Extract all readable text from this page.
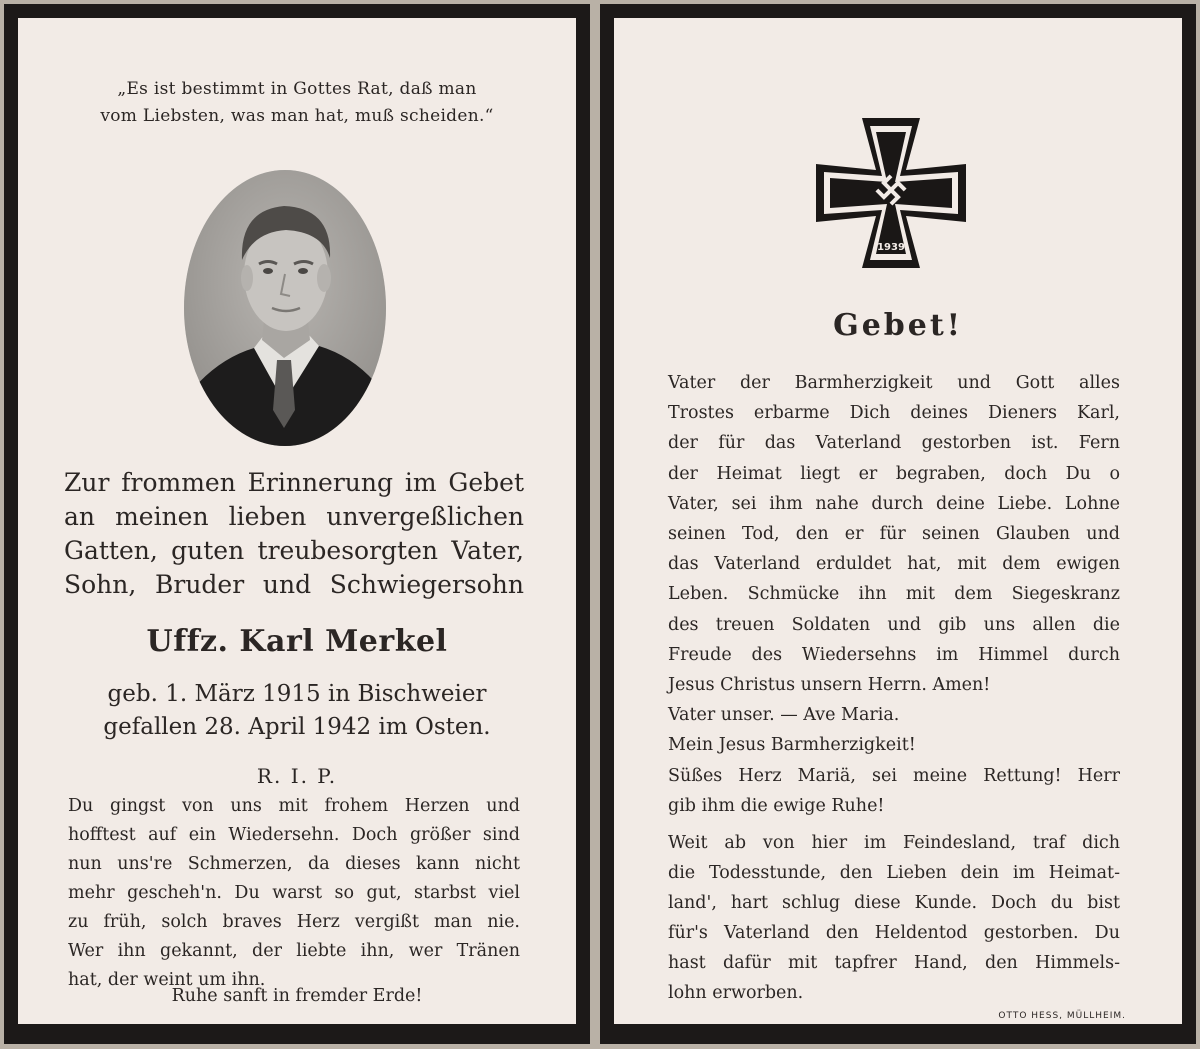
„Es ist bestimmt in Gottes Rat, daß man
vom Liebsten, was man hat, muß scheiden.“
Zur frommen Erinnerung im Gebet
an meinen lieben unvergeßlichen
Gatten, guten treubesorgten Vater,
Sohn, Bruder und Schwiegersohn
Uffz. Karl Merkel
geb. 1. März 1915 in Bischweier
gefallen 28. April 1942 im Osten.
R. I. P.
Du gingst von uns mit frohem Herzen und
hofftest auf ein Wiedersehn. Doch größer sind
nun uns're Schmerzen, da dieses kann nicht
mehr gescheh'n. Du warst so gut, starbst viel
zu früh, solch braves Herz vergißt man nie.
Wer ihn gekannt, der liebte ihn, wer Tränen
hat, der weint um ihn.
Ruhe sanft in fremder Erde!
1939
Gebet!
Vater der Barmherzigkeit und Gott alles
Trostes erbarme Dich deines Dieners Karl,
der für das Vaterland gestorben ist. Fern
der Heimat liegt er begraben, doch Du o
Vater, sei ihm nahe durch deine Liebe. Lohne
seinen Tod, den er für seinen Glauben und
das Vaterland erduldet hat, mit dem ewigen
Leben. Schmücke ihn mit dem Siegeskranz
des treuen Soldaten und gib uns allen die
Freude des Wiedersehns im Himmel durch
Jesus Christus unsern Herrn. Amen!
Vater unser. — Ave Maria.
Mein Jesus Barmherzigkeit!
Süßes Herz Mariä, sei meine Rettung! Herr
gib ihm die ewige Ruhe!
Weit ab von hier im Feindesland, traf dich
die Todesstunde, den Lieben dein im Heimat-
land', hart schlug diese Kunde. Doch du bist
für's Vaterland den Heldentod gestorben. Du
hast dafür mit tapfrer Hand, den Himmels-
lohn erworben.
OTTO HESS, MÜLLHEIM.
